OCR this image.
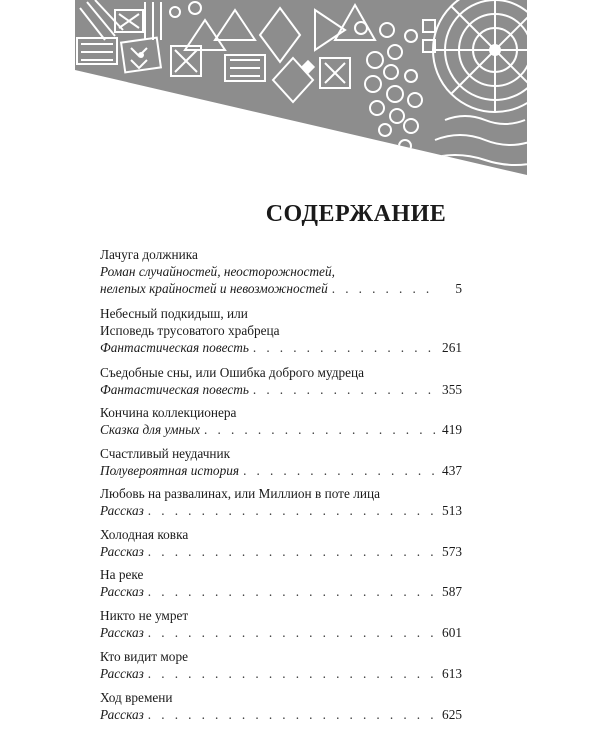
СОДЕРЖАНИЕ
Лачуга должника
Роман случайностей, неосторожностей,
нелепых крайностей и невозможностей . . .	5
Небесный подкидыш, или
Исповедь трусоватого храбреца
Фантастическая повесть . . .	261
Съедобные сны, или Ошибка доброго мудреца
Фантастическая повесть . . .	355
Кончина коллекционера
Сказка для умных . . .	419
Счастливый неудачник
Полувероятная история . . .	437
Любовь на развалинах, или Миллион в поте лица
Рассказ . . .	513
Холодная ковка
Рассказ . . .	573
На реке
Рассказ . . .	587
Никто не умрет
Рассказ . . .	601
Кто видит море
Рассказ . . .	613
Ход времени
Рассказ . . .	625
